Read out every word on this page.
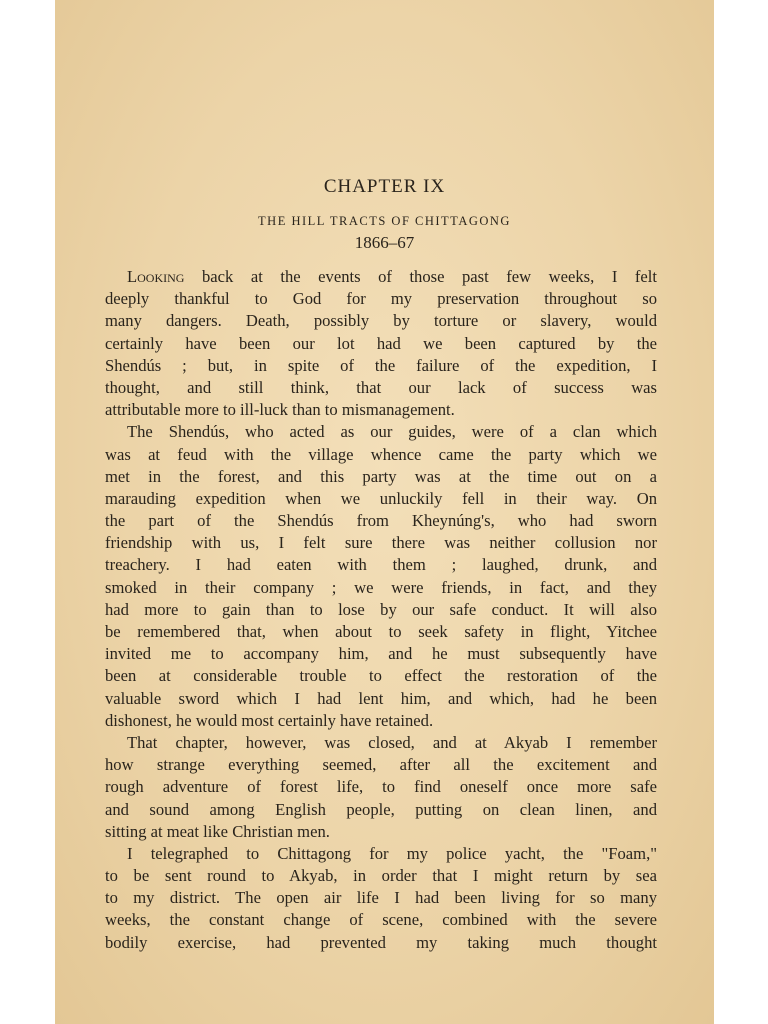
CHAPTER IX
THE HILL TRACTS OF CHITTAGONG
1866–67
Looking back at the events of those past few weeks, I felt
deeply thankful to God for my preservation throughout so
many dangers. Death, possibly by torture or slavery, would
certainly have been our lot had we been captured by the
Shendús ; but, in spite of the failure of the expedition, I
thought, and still think, that our lack of success was
attributable more to ill-luck than to mismanagement.
The Shendús, who acted as our guides, were of a clan which
was at feud with the village whence came the party which we
met in the forest, and this party was at the time out on a
marauding expedition when we unluckily fell in their way. On
the part of the Shendús from Kheynúng's, who had sworn
friendship with us, I felt sure there was neither collusion nor
treachery. I had eaten with them ; laughed, drunk, and
smoked in their company ; we were friends, in fact, and they
had more to gain than to lose by our safe conduct. It will also
be remembered that, when about to seek safety in flight, Yitchee
invited me to accompany him, and he must subsequently have
been at considerable trouble to effect the restoration of the
valuable sword which I had lent him, and which, had he been
dishonest, he would most certainly have retained.
That chapter, however, was closed, and at Akyab I remember
how strange everything seemed, after all the excitement and
rough adventure of forest life, to find oneself once more safe
and sound among English people, putting on clean linen, and
sitting at meat like Christian men.
I telegraphed to Chittagong for my police yacht, the "Foam,"
to be sent round to Akyab, in order that I might return by sea
to my district. The open air life I had been living for so many
weeks, the constant change of scene, combined with the severe
bodily exercise, had prevented my taking much thought
